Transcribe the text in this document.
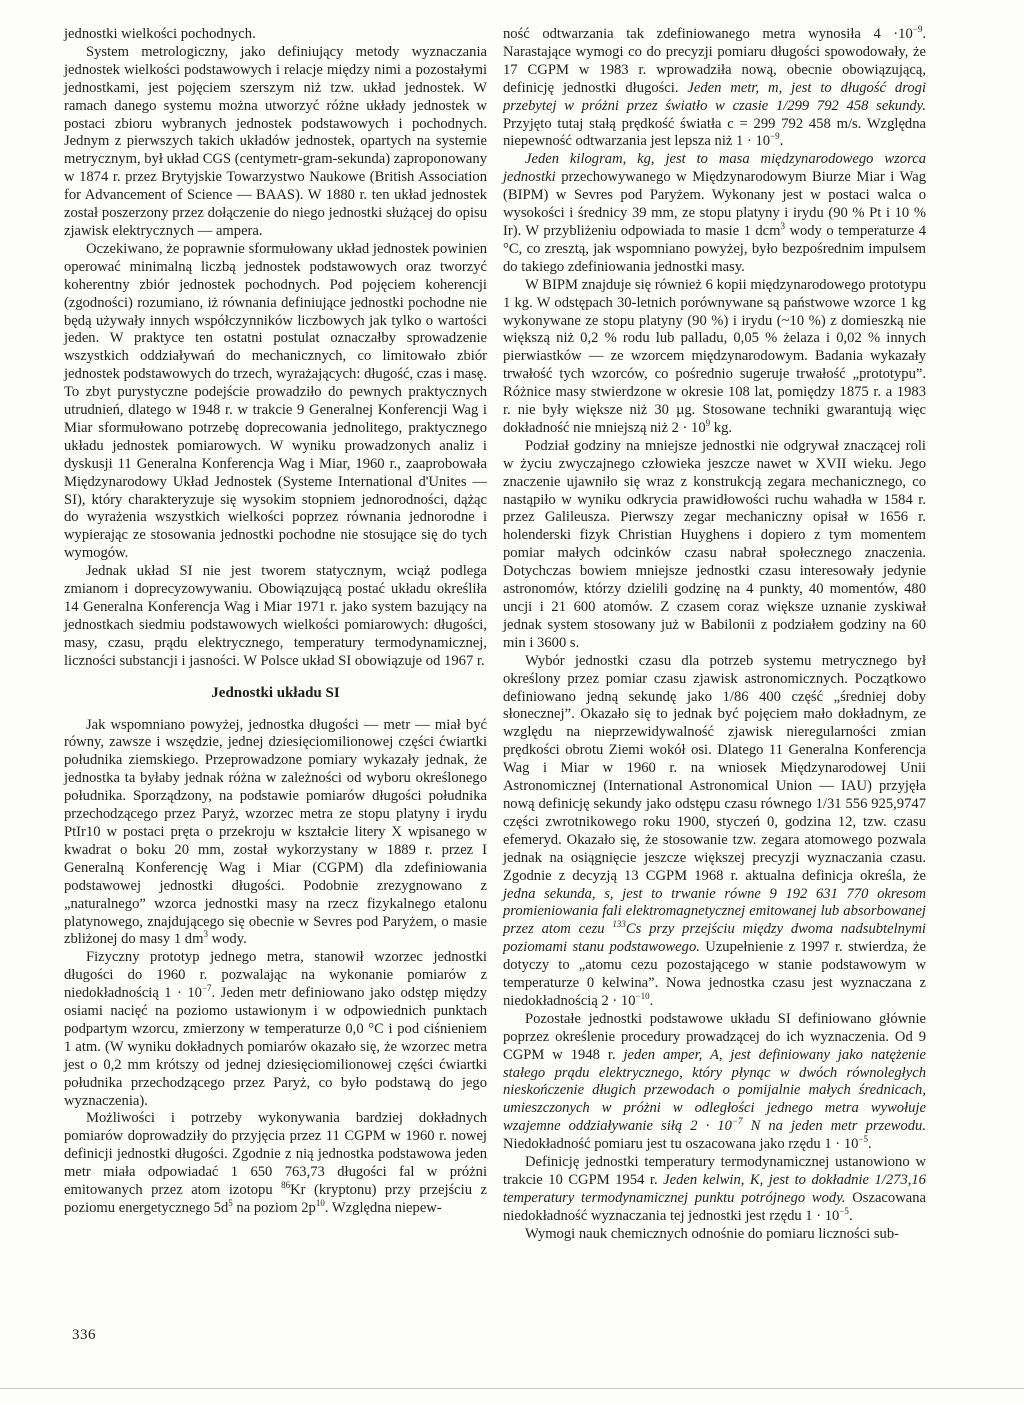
jednostki wielkości pochodnych.

System metrologiczny, jako definiujący metody wyznaczania jednostek wielkości podstawowych i relacje między nimi a pozostałymi jednostkami, jest pojęciem szerszym niż tzw. układ jednostek. W ramach danego systemu można utworzyć różne układy jednostek w postaci zbioru wybranych jednostek podstawowych i pochodnych. Jednym z pierwszych takich układów jednostek, opartych na systemie metrycznym, był układ CGS (centymetr-gram-sekunda) zaproponowany w 1874 r. przez Brytyjskie Towarzystwo Naukowe (British Association for Advancement of Science — BAAS). W 1880 r. ten układ jednostek został poszerzony przez dołączenie do niego jednostki służącej do opisu zjawisk elektrycznych — ampera.

Oczekiwano, że poprawnie sformułowany układ jednostek powinien operować minimalną liczbą jednostek podstawowych oraz tworzyć koherentny zbiór jednostek pochodnych. Pod pojęciem koherencji (zgodności) rozumiano, iż równania definiujące jednostki pochodne nie będą używały innych współczynników liczbowych jak tylko o wartości jeden. W praktyce ten ostatni postulat oznaczałby sprowadzenie wszystkich oddziaływań do mechanicznych, co limitowało zbiór jednostek podstawowych do trzech, wyrażających: długość, czas i masę. To zbyt purystyczne podejście prowadziło do pewnych praktycznych utrudnień, dlatego w 1948 r. w trakcie 9 Generalnej Konferencji Wag i Miar sformułowano potrzebę doprecowania jednolitego, praktycznego układu jednostek pomiarowych. W wyniku prowadzonych analiz i dyskusji 11 Generalna Konferencja Wag i Miar, 1960 r., zaaprobowała Międzynarodowy Układ Jednostek (Systeme International d'Unites — SI), który charakteryzuje się wysokim stopniem jednorodności, dążąc do wyrażenia wszystkich wielkości poprzez równania jednorodne i wypierając ze stosowania jednostki pochodne nie stosujące się do tych wymogów.

Jednak układ SI nie jest tworem statycznym, wciąż podlega zmianom i doprecyzowywaniu. Obowiązującą postać układu określiła 14 Generalna Konferencja Wag i Miar 1971 r. jako system bazujący na jednostkach siedmiu podstawowych wielkości pomiarowych: długości, masy, czasu, prądu elektrycznego, temperatury termodynamicznej, liczności substancji i jasności. W Polsce układ SI obowiązuje od 1967 r.

Jednostki układu SI

Jak wspomniano powyżej, jednostka długości — metr — miał być równy, zawsze i wszędzie, jednej dziesięciomilionowej części ćwiartki południka ziemskiego. Przeprowadzone pomiary wykazały jednak, że jednostka ta byłaby jednak różna w zależności od wyboru określonego południka. Sporządzony, na podstawie pomiarów długości południka przechodzącego przez Paryż, wzorzec metra ze stopu platyny i irydu PtIr10 w postaci pręta o przekroju w kształcie litery X wpisanego w kwadrat o boku 20 mm, został wykorzystany w 1889 r. przez I Generalną Konferencję Wag i Miar (CGPM) dla zdefiniowania podstawowej jednostki długości. Podobnie zrezygnowano z „naturalnego” wzorca jednostki masy na rzecz fizykalnego etalonu platynowego, znajdującego się obecnie w Sevres pod Paryżem, o masie zbliżonej do masy 1 $dm^3$ wody.

Fizyczny prototyp jednego metra, stanowił wzorzec jednostki długości do 1960 r. pozwalając na wykonanie pomiarów z niedokładnością $1 \cdot 10^{-7}$. Jeden metr definiowano jako odstęp między osiami nacięć na poziomo ustawionym i w odpowiednich punktach podpartym wzorcu, zmierzony w temperaturze 0,0 °C i pod ciśnieniem 1 atm. (W wyniku dokładnych pomiarów okazało się, że wzorzec metra jest o 0,2 mm krótszy od jednej dziesięciomilionowej części ćwiartki południka przechodzącego przez Paryż, co było podstawą do jego wyznaczenia).

Możliwości i potrzeby wykonywania bardziej dokładnych pomiarów doprowadziły do przyjęcia przez 11 CGPM w 1960 r. nowej definicji jednostki długości. Zgodnie z nią jednostka podstawowa jeden metr miała odpowiadać 1 650 763,73 długości fal w próżni emitowanych przez atom izotopu $^{86}$Kr (kryptonu) przy przejściu z poziomu energetycznego $5d^5$ na poziom $2p^{10}$. Względna niepew-

ność odtwarzania tak zdefiniowanego metra wynosiła $4 \cdot 10^{-9}$. Narastające wymogi co do precyzji pomiaru długości spowodowały, że 17 CGPM w 1983 r. wprowadziła nową, obecnie obowiązującą, definicję jednostki długości. Jeden metr, m, jest to długość drogi przebytej w próżni przez światło w czasie 1/299 792 458 sekundy. Przyjęto tutaj stałą prędkość światła c = 299 792 458 m/s. Względna niepewność odtwarzania jest lepsza niż $1 \cdot 10^{-9}$.

Jeden kilogram, kg, jest to masa międzynarodowego wzorca jednostki przechowywanego w Międzynarodowym Biurze Miar i Wag (BIPM) w Sevres pod Paryżem. Wykonany jest w postaci walca o wysokości i średnicy 39 mm, ze stopu platyny i irydu (90 % Pt i 10 % Ir). W przybliżeniu odpowiada to masie 1 dcm$^3$ wody o temperaturze 4 °C, co zresztą, jak wspomniano powyżej, było bezpośrednim impulsem do takiego zdefiniowania jednostki masy.

W BIPM znajduje się również 6 kopii międzynarodowego prototypu 1 kg. W odstępach 30-letnich porównywane są państwowe wzorce 1 kg wykonywane ze stopu platyny (90 %) i irydu (~10 %) z domieszką nie większą niż 0,2 % rodu lub palladu, 0,05 % żelaza i 0,02 % innych pierwiastków — ze wzorcem międzynarodowym. Badania wykazały trwałość tych wzorców, co pośrednio sugeruje trwałość „prototypu”. Różnice masy stwierdzone w okresie 108 lat, pomiędzy 1875 r. a 1983 r. nie były większe niż 30 µg. Stosowane techniki gwarantują więc dokładność nie mniejszą niż $2 \cdot 10^9$ kg.

Podział godziny na mniejsze jednostki nie odgrywał znaczącej roli w życiu zwyczajnego człowieka jeszcze nawet w XVII wieku. Jego znaczenie ujawniło się wraz z konstrukcją zegara mechanicznego, co nastąpiło w wyniku odkrycia prawidłowości ruchu wahadła w 1584 r. przez Galileusza. Pierwszy zegar mechaniczny opisał w 1656 r. holenderski fizyk Christian Huyghens i dopiero z tym momentem pomiar małych odcinków czasu nabrał społecznego znaczenia. Dotychczas bowiem mniejsze jednostki czasu interesowały jedynie astronomów, którzy dzielili godzinę na 4 punkty, 40 momentów, 480 uncji i 21 600 atomów. Z czasem coraz większe uznanie zyskiwał jednak system stosowany już w Babilonii z podziałem godziny na 60 min i 3600 s.

Wybór jednostki czasu dla potrzeb systemu metrycznego był określony przez pomiar czasu zjawisk astronomicznych. Początkowo definiowano jedną sekundę jako 1/86 400 część „średniej doby słonecznej”. Okazało się to jednak być pojęciem mało dokładnym, ze względu na nieprzewidywalność zjawisk nieregularności zmian prędkości obrotu Ziemi wokół osi. Dlatego 11 Generalna Konferencja Wag i Miar w 1960 r. na wniosek Międzynarodowej Unii Astronomicznej (International Astronomical Union — IAU) przyjęła nową definicję sekundy jako odstępu czasu równego 1/31 556 925,9747 części zwrotnikowego roku 1900, styczeń 0, godzina 12, tzw. czasu efemeryd. Okazało się, że stosowanie tzw. zegara atomowego pozwala jednak na osiągnięcie jeszcze większej precyzji wyznaczania czasu. Zgodnie z decyzją 13 CGPM 1968 r. aktualna definicja określa, że jedna sekunda, s, jest to trwanie równe 9 192 631 770 okresom promieniowania fali elektromagnetycznej emitowanej lub absorbowanej przez atom cezu $^{133}$Cs przy przejściu między dwoma nadsubtelnymi poziomami stanu podstawowego. Uzupełnienie z 1997 r. stwierdza, że dotyczy to „atomu cezu pozostającego w stanie podstawowym w temperaturze 0 kelwina”. Nowa jednostka czasu jest wyznaczana z niedokładnością $2 \cdot 10^{-10}$.

Pozostałe jednostki podstawowe układu SI definiowano głównie poprzez określenie procedury prowadzącej do ich wyznaczenia. Od 9 CGPM w 1948 r. jeden amper, A, jest definiowany jako natężenie stałego prądu elektrycznego, który płynąc w dwóch równoległych nieskończenie długich przewodach o pomijalnie małych średnicach, umieszczonych w próżni w odległości jednego metra wywołuje wzajemne oddziaływanie siłą $2 \cdot 10^{-7}$ N na jeden metr przewodu. Niedokładność pomiaru jest tu oszacowana jako rzędu $1 \cdot 10^{-5}$.

Definicję jednostki temperatury termodynamicznej ustanowiono w trakcie 10 CGPM 1954 r. Jeden kelwin, K, jest to dokładnie 1/273,16 temperatury termodynamicznej punktu potrójnego wody. Oszacowana niedokładność wyznaczania tej jednostki jest rzędu $1 \cdot 10^{-5}$.

Wymogi nauk chemicznych odnośnie do pomiaru liczności sub-

336
